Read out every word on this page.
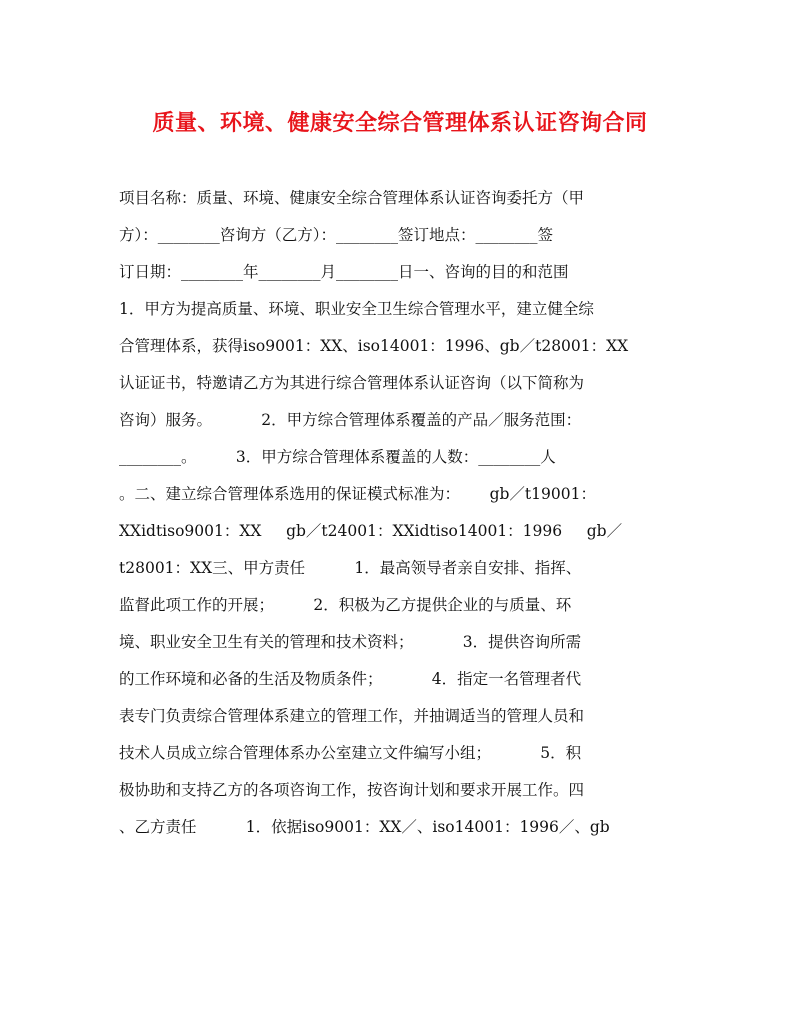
质量、环境、健康安全综合管理体系认证咨询合同
项目名称：质量、环境、健康安全综合管理体系认证咨询委托方（甲
方）：________咨询方（乙方）：________签订地点：________签
订日期：________年________月________日一、咨询的目的和范围
1．甲方为提高质量、环境、职业安全卫生综合管理水平，建立健全综
合管理体系，获得iso9001：XX、iso14001：1996、gb／t28001：XX
认证证书，特邀请乙方为其进行综合管理体系认证咨询（以下简称为
咨询）服务。          2．甲方综合管理体系覆盖的产品／服务范围：
________。        3．甲方综合管理体系覆盖的人数：________人
。二、建立综合管理体系选用的保证模式标准为：      gb／t19001：
XXidtiso9001：XX     gb／t24001：XXidtiso14001：1996     gb／
t28001：XX三、甲方责任          1．最高领导者亲自安排、指挥、
监督此项工作的开展；        2．积极为乙方提供企业的与质量、环
境、职业安全卫生有关的管理和技术资料；          3．提供咨询所需
的工作环境和必备的生活及物质条件；          4．指定一名管理者代
表专门负责综合管理体系建立的管理工作，并抽调适当的管理人员和
技术人员成立综合管理体系办公室建立文件编写小组；          5．积
极协助和支持乙方的各项咨询工作，按咨询计划和要求开展工作。四
、乙方责任          1．依据iso9001：XX／、iso14001：1996／、gb
